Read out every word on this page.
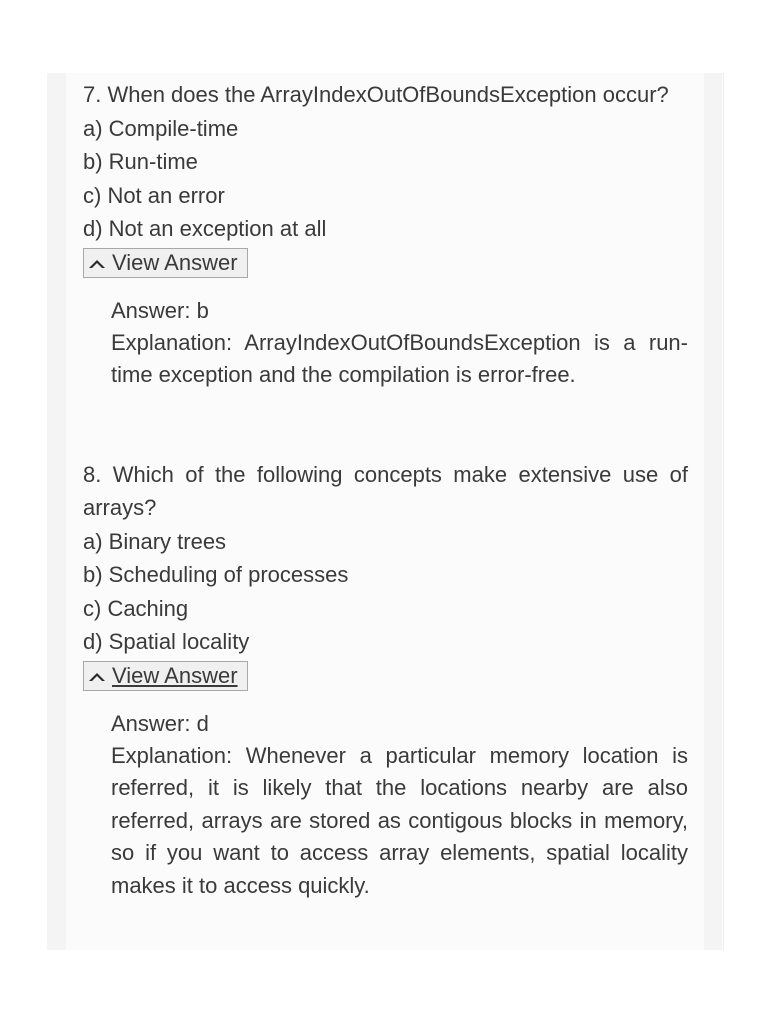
7. When does the ArrayIndexOutOfBoundsException occur?

a) Compile-time

b) Run-time

c) Not an error

d) Not an exception at all

View Answer

Answer: b

Explanation: ArrayIndexOutOfBoundsException is a run-time exception and the compilation is error-free.

8. Which of the following concepts make extensive use of arrays?

a) Binary trees

b) Scheduling of processes

c) Caching

d) Spatial locality

View Answer

Answer: d

Explanation: Whenever a particular memory location is referred, it is likely that the locations nearby are also referred, arrays are stored as contigous blocks in memory, so if you want to access array elements, spatial locality makes it to access quickly.
